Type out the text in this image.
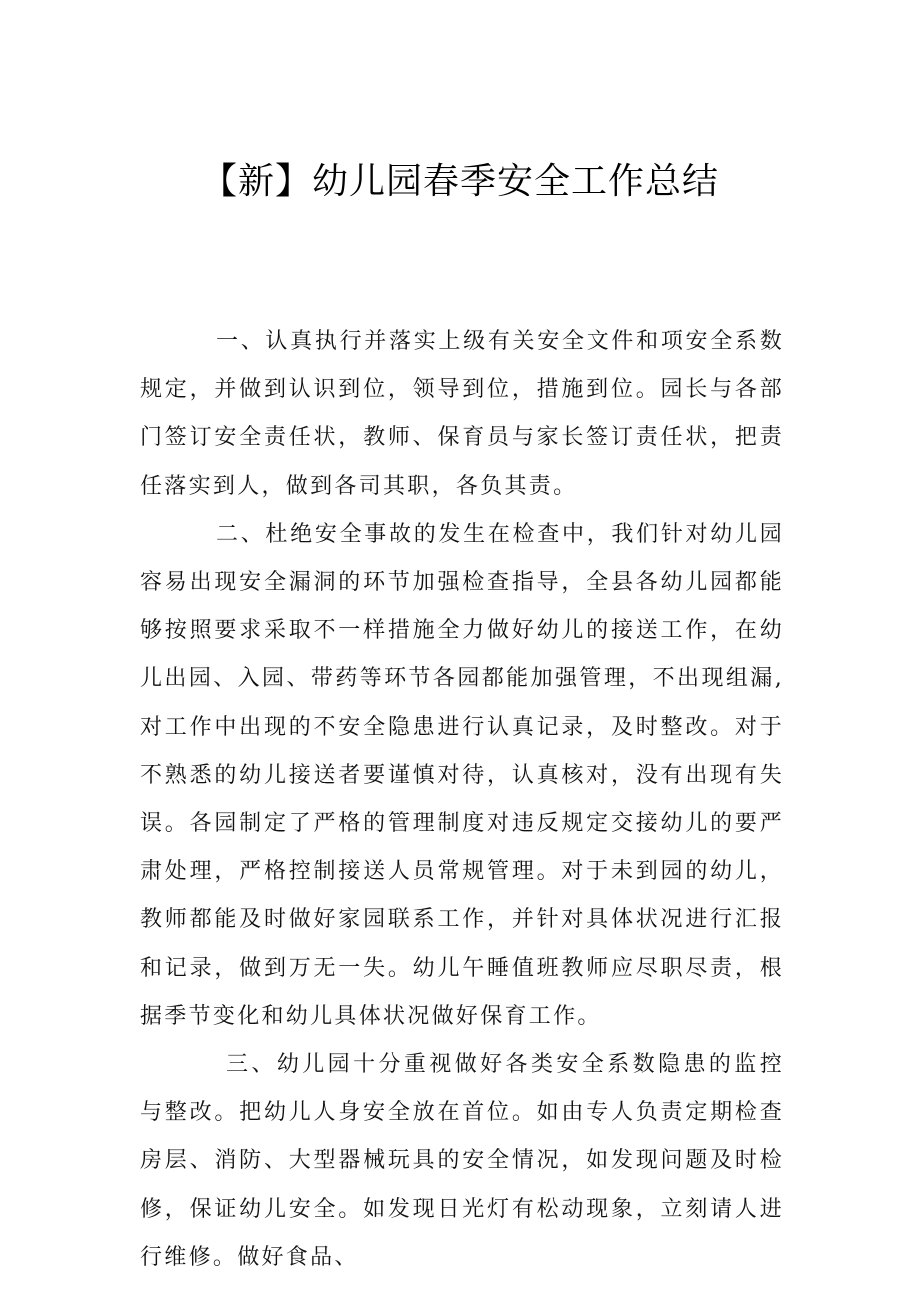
【新】幼儿园春季安全工作总结

一、认真执行并落实上级有关安全文件和项安全系数规定，并做到认识到位，领导到位，措施到位。园长与各部门签订安全责任状，教师、保育员与家长签订责任状，把责任落实到人，做到各司其职，各负其责。

二、杜绝安全事故的发生在检查中，我们针对幼儿园容易出现安全漏洞的环节加强检查指导，全县各幼儿园都能够按照要求采取不一样措施全力做好幼儿的接送工作，在幼儿出园、入园、带药等环节各园都能加强管理，不出现组漏,对工作中出现的不安全隐患进行认真记录，及时整改。对于不熟悉的幼儿接送者要谨慎对待，认真核对，没有出现有失误。各园制定了严格的管理制度对违反规定交接幼儿的要严肃处理，严格控制接送人员常规管理。对于未到园的幼儿，教师都能及时做好家园联系工作，并针对具体状况进行汇报和记录，做到万无一失。幼儿午睡值班教师应尽职尽责，根据季节变化和幼儿具体状况做好保育工作。

三、幼儿园十分重视做好各类安全系数隐患的监控与整改。把幼儿人身安全放在首位。如由专人负责定期检查房层、消防、大型器械玩具的安全情况，如发现问题及时检修，保证幼儿安全。如发现日光灯有松动现象，立刻请人进行维修。做好食品、
